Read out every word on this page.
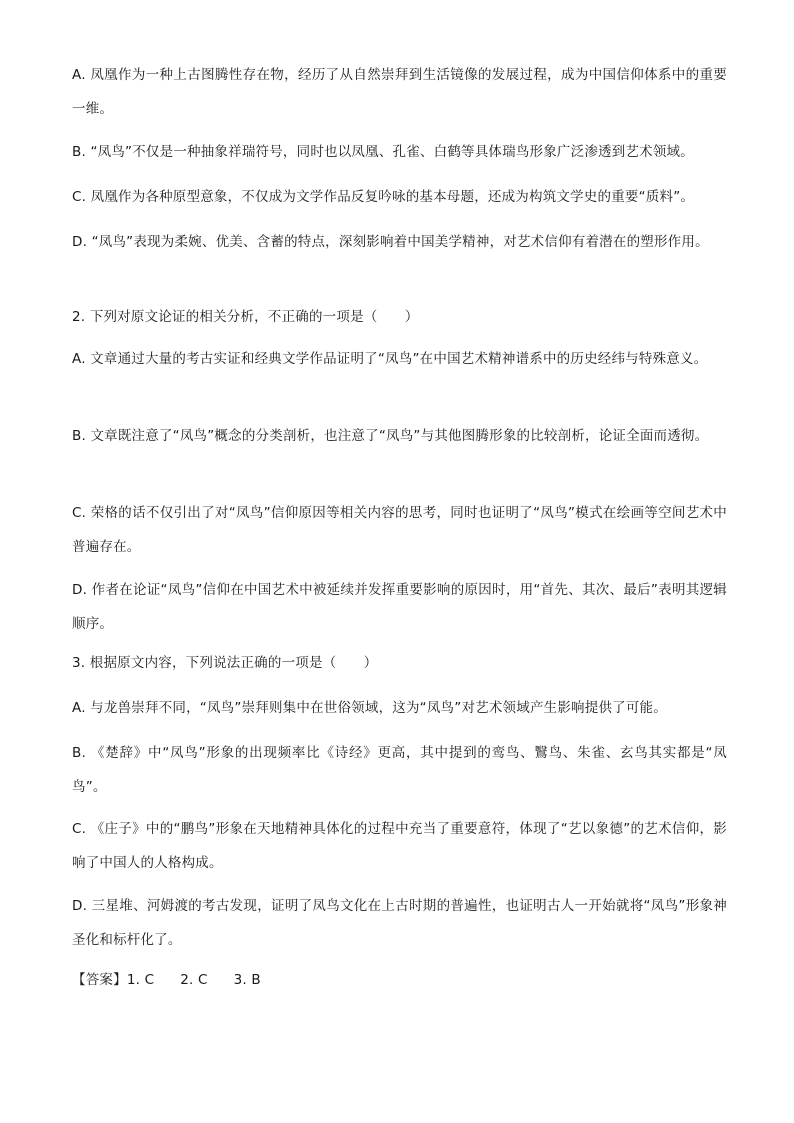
A. 凤凰作为一种上古图腾性存在物，经历了从自然崇拜到生活镜像的发展过程，成为中国信仰体系中的重要一维。

B. “凤鸟”不仅是一种抽象祥瑞符号，同时也以凤凰、孔雀、白鹤等具体瑞鸟形象广泛渗透到艺术领域。

C. 凤凰作为各种原型意象，不仅成为文学作品反复吟咏的基本母题，还成为构筑文学史的重要“质料”。

D. “凤鸟”表现为柔婉、优美、含蓄的特点，深刻影响着中国美学精神，对艺术信仰有着潜在的塑形作用。

2. 下列对原文论证的相关分析，不正确的一项是（　　）

A. 文章通过大量的考古实证和经典文学作品证明了“凤鸟”在中国艺术精神谱系中的历史经纬与特殊意义。

B. 文章既注意了“凤鸟”概念的分类剖析，也注意了“凤鸟”与其他图腾形象的比较剖析，论证全面而透彻。

C. 荣格的话不仅引出了对“凤鸟”信仰原因等相关内容的思考，同时也证明了“凤鸟”模式在绘画等空间艺术中普遍存在。

D. 作者在论证“凤鸟”信仰在中国艺术中被延续并发挥重要影响的原因时，用“首先、其次、最后”表明其逻辑顺序。

3. 根据原文内容，下列说法正确的一项是（　　）

A. 与龙兽崇拜不同，“凤鸟”崇拜则集中在世俗领域，这为“凤鸟”对艺术领域产生影响提供了可能。

B. 《楚辞》中“凤鸟”形象的出现频率比《诗经》更高，其中提到的鸾鸟、鷖鸟、朱雀、玄鸟其实都是“凤鸟”。

C. 《庄子》中的“鹏鸟”形象在天地精神具体化的过程中充当了重要意符，体现了“艺以象德”的艺术信仰，影响了中国人的人格构成。

D. 三星堆、河姆渡的考古发现，证明了凤鸟文化在上古时期的普遍性，也证明古人一开始就将“凤鸟”形象神圣化和标杆化了。

【答案】1. C 2. C 3. B
